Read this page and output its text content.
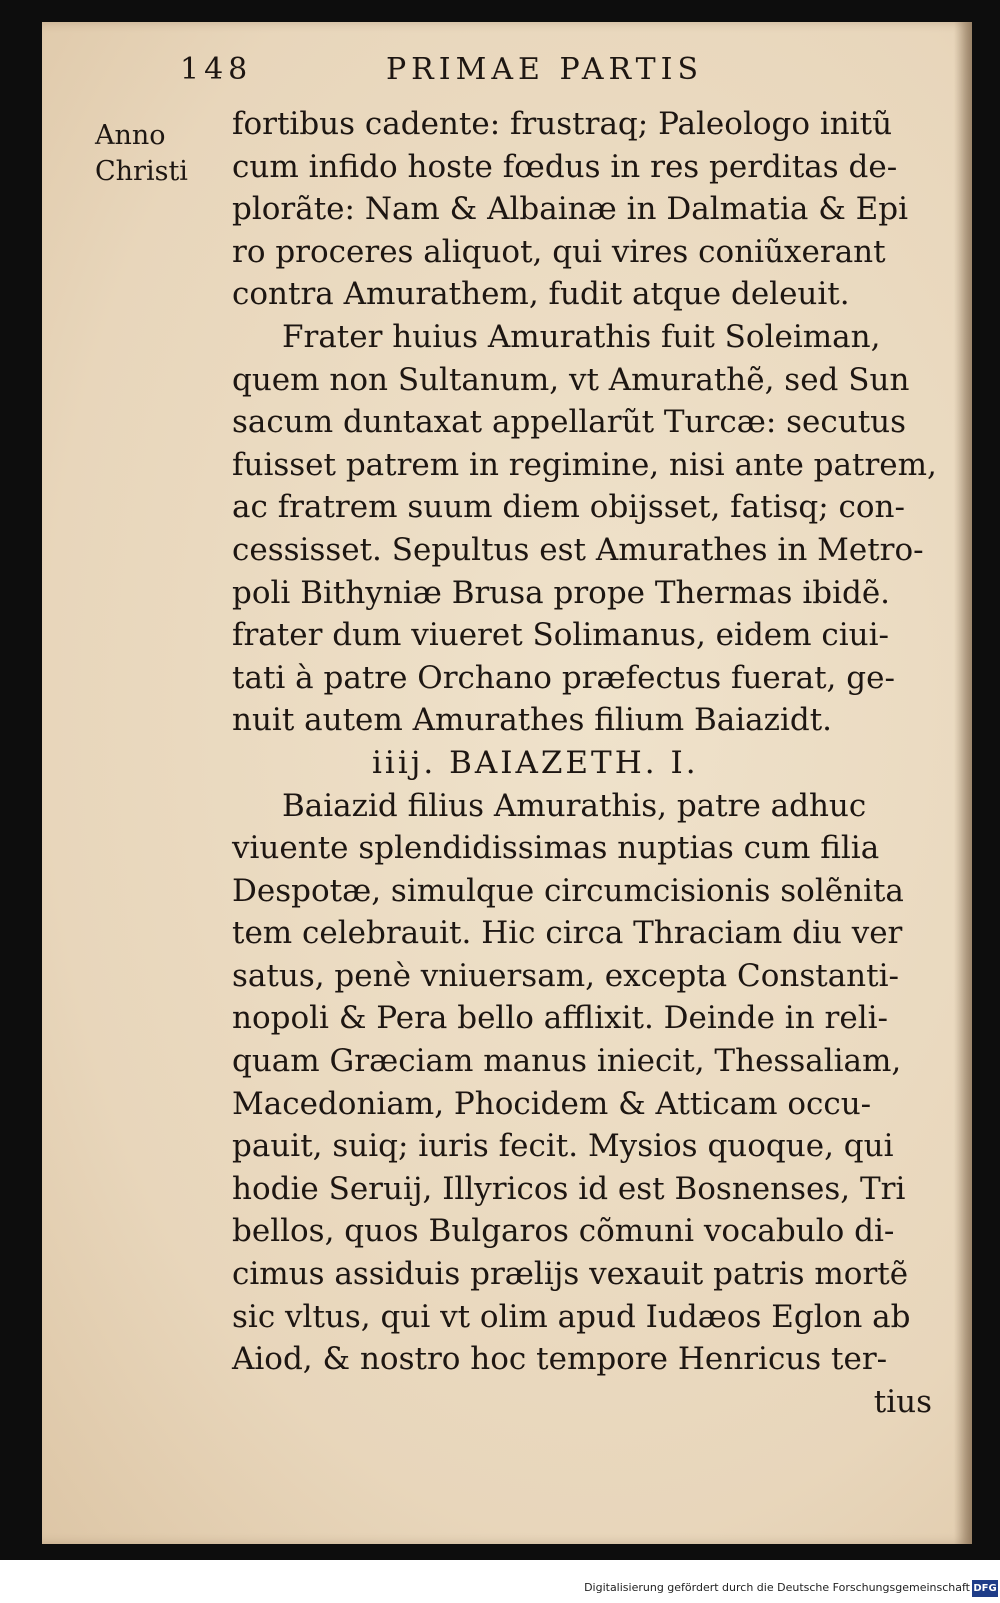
148	PRIMAE PARTIS
Anno
Christi
fortibus cadente: frustraq; Paleologo initũ
cum infido hoste fœdus in res perditas de-
plorãte: Nam & Albainæ in Dalmatia & Epi
ro proceres aliquot, qui vires coniũxerant
contra Amurathem, fudit atque deleuit.
Frater huius Amurathis fuit Soleiman,
quem non Sultanum, vt Amurathẽ, sed Sun
sacum duntaxat appellarũt Turcæ: secutus
fuisset patrem in regimine, nisi ante patrem,
ac fratrem suum diem obijsset, fatisq; con-
cessisset. Sepultus est Amurathes in Metro-
poli Bithyniæ Brusa prope Thermas ibidẽ.
frater dum viueret Solimanus, eidem ciui-
tati à patre Orchano præfectus fuerat, ge-
nuit autem Amurathes filium Baiazidt.
iiij. BAIAZETH. I.
Baiazid filius Amurathis, patre adhuc
viuente splendidissimas nuptias cum filia
Despotæ, simulque circumcisionis solẽnita
tem celebrauit. Hic circa Thraciam diu ver
satus, penè vniuersam, excepta Constanti-
nopoli & Pera bello afflixit. Deinde in reli-
quam Græciam manus iniecit, Thessaliam,
Macedoniam, Phocidem & Atticam occu-
pauit, suiq; iuris fecit. Mysios quoque, qui
hodie Seruij, Illyricos id est Bosnenses, Tri
bellos, quos Bulgaros cõmuni vocabulo di-
cimus assiduis prælijs vexauit patris mortẽ
sic vltus, qui vt olim apud Iudæos Eglon ab
Aiod, & nostro hoc tempore Henricus ter-
tius
Digitalisierung gefördert durch die Deutsche Forschungsgemeinschaft DFG
